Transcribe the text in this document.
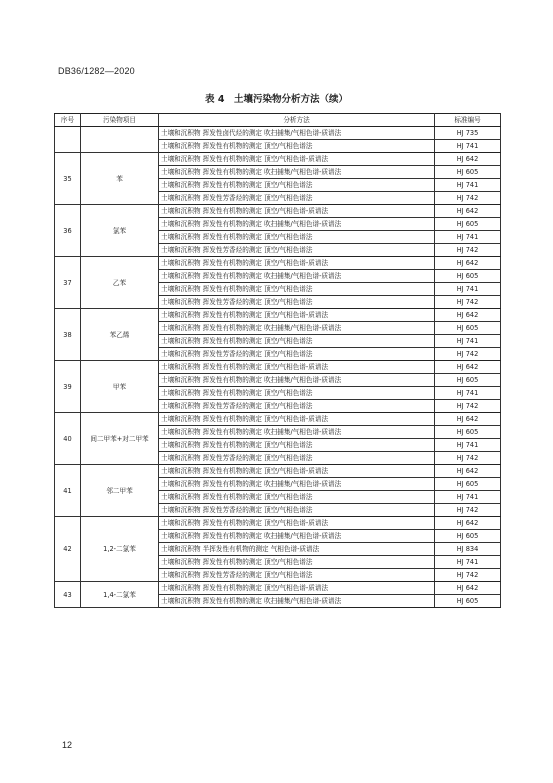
DB36/1282—2020
表 4　土壤污染物分析方法（续）
序号	污染物项目	分析方法	标准编号
		土壤和沉积物 挥发性卤代烃的测定 吹扫捕集/气相色谱-质谱法	HJ 735
		土壤和沉积物 挥发性有机物的测定 顶空/气相色谱法	HJ 741
35	苯	土壤和沉积物 挥发性有机物的测定 顶空/气相色谱-质谱法	HJ 642
		土壤和沉积物 挥发性有机物的测定 吹扫捕集/气相色谱-质谱法	HJ 605
		土壤和沉积物 挥发性有机物的测定 顶空/气相色谱法	HJ 741
		土壤和沉积物 挥发性芳香烃的测定 顶空/气相色谱法	HJ 742
36	氯苯	土壤和沉积物 挥发性有机物的测定 顶空/气相色谱-质谱法	HJ 642
		土壤和沉积物 挥发性有机物的测定 吹扫捕集/气相色谱-质谱法	HJ 605
		土壤和沉积物 挥发性有机物的测定 顶空/气相色谱法	HJ 741
		土壤和沉积物 挥发性芳香烃的测定 顶空/气相色谱法	HJ 742
37	乙苯	土壤和沉积物 挥发性有机物的测定 顶空/气相色谱-质谱法	HJ 642
		土壤和沉积物 挥发性有机物的测定 吹扫捕集/气相色谱-质谱法	HJ 605
		土壤和沉积物 挥发性有机物的测定 顶空/气相色谱法	HJ 741
		土壤和沉积物 挥发性芳香烃的测定 顶空/气相色谱法	HJ 742
38	苯乙烯	土壤和沉积物 挥发性有机物的测定 顶空/气相色谱-质谱法	HJ 642
		土壤和沉积物 挥发性有机物的测定 吹扫捕集/气相色谱-质谱法	HJ 605
		土壤和沉积物 挥发性有机物的测定 顶空/气相色谱法	HJ 741
		土壤和沉积物 挥发性芳香烃的测定 顶空/气相色谱法	HJ 742
39	甲苯	土壤和沉积物 挥发性有机物的测定 顶空/气相色谱-质谱法	HJ 642
		土壤和沉积物 挥发性有机物的测定 吹扫捕集/气相色谱-质谱法	HJ 605
		土壤和沉积物 挥发性有机物的测定 顶空/气相色谱法	HJ 741
		土壤和沉积物 挥发性芳香烃的测定 顶空/气相色谱法	HJ 742
40	间二甲苯+对二甲苯	土壤和沉积物 挥发性有机物的测定 顶空/气相色谱-质谱法	HJ 642
		土壤和沉积物 挥发性有机物的测定 吹扫捕集/气相色谱-质谱法	HJ 605
		土壤和沉积物 挥发性有机物的测定 顶空/气相色谱法	HJ 741
		土壤和沉积物 挥发性芳香烃的测定 顶空/气相色谱法	HJ 742
41	邻二甲苯	土壤和沉积物 挥发性有机物的测定 顶空/气相色谱-质谱法	HJ 642
		土壤和沉积物 挥发性有机物的测定 吹扫捕集/气相色谱-质谱法	HJ 605
		土壤和沉积物 挥发性有机物的测定 顶空/气相色谱法	HJ 741
		土壤和沉积物 挥发性芳香烃的测定 顶空/气相色谱法	HJ 742
42	1,2-二氯苯	土壤和沉积物 挥发性有机物的测定 顶空/气相色谱-质谱法	HJ 642
		土壤和沉积物 挥发性有机物的测定 吹扫捕集/气相色谱-质谱法	HJ 605
		土壤和沉积物 半挥发性有机物的测定 气相色谱-质谱法	HJ 834
		土壤和沉积物 挥发性有机物的测定 顶空/气相色谱法	HJ 741
		土壤和沉积物 挥发性芳香烃的测定 顶空/气相色谱法	HJ 742
43	1,4-二氯苯	土壤和沉积物 挥发性有机物的测定 顶空/气相色谱-质谱法	HJ 642
		土壤和沉积物 挥发性有机物的测定 吹扫捕集/气相色谱-质谱法	HJ 605
12
